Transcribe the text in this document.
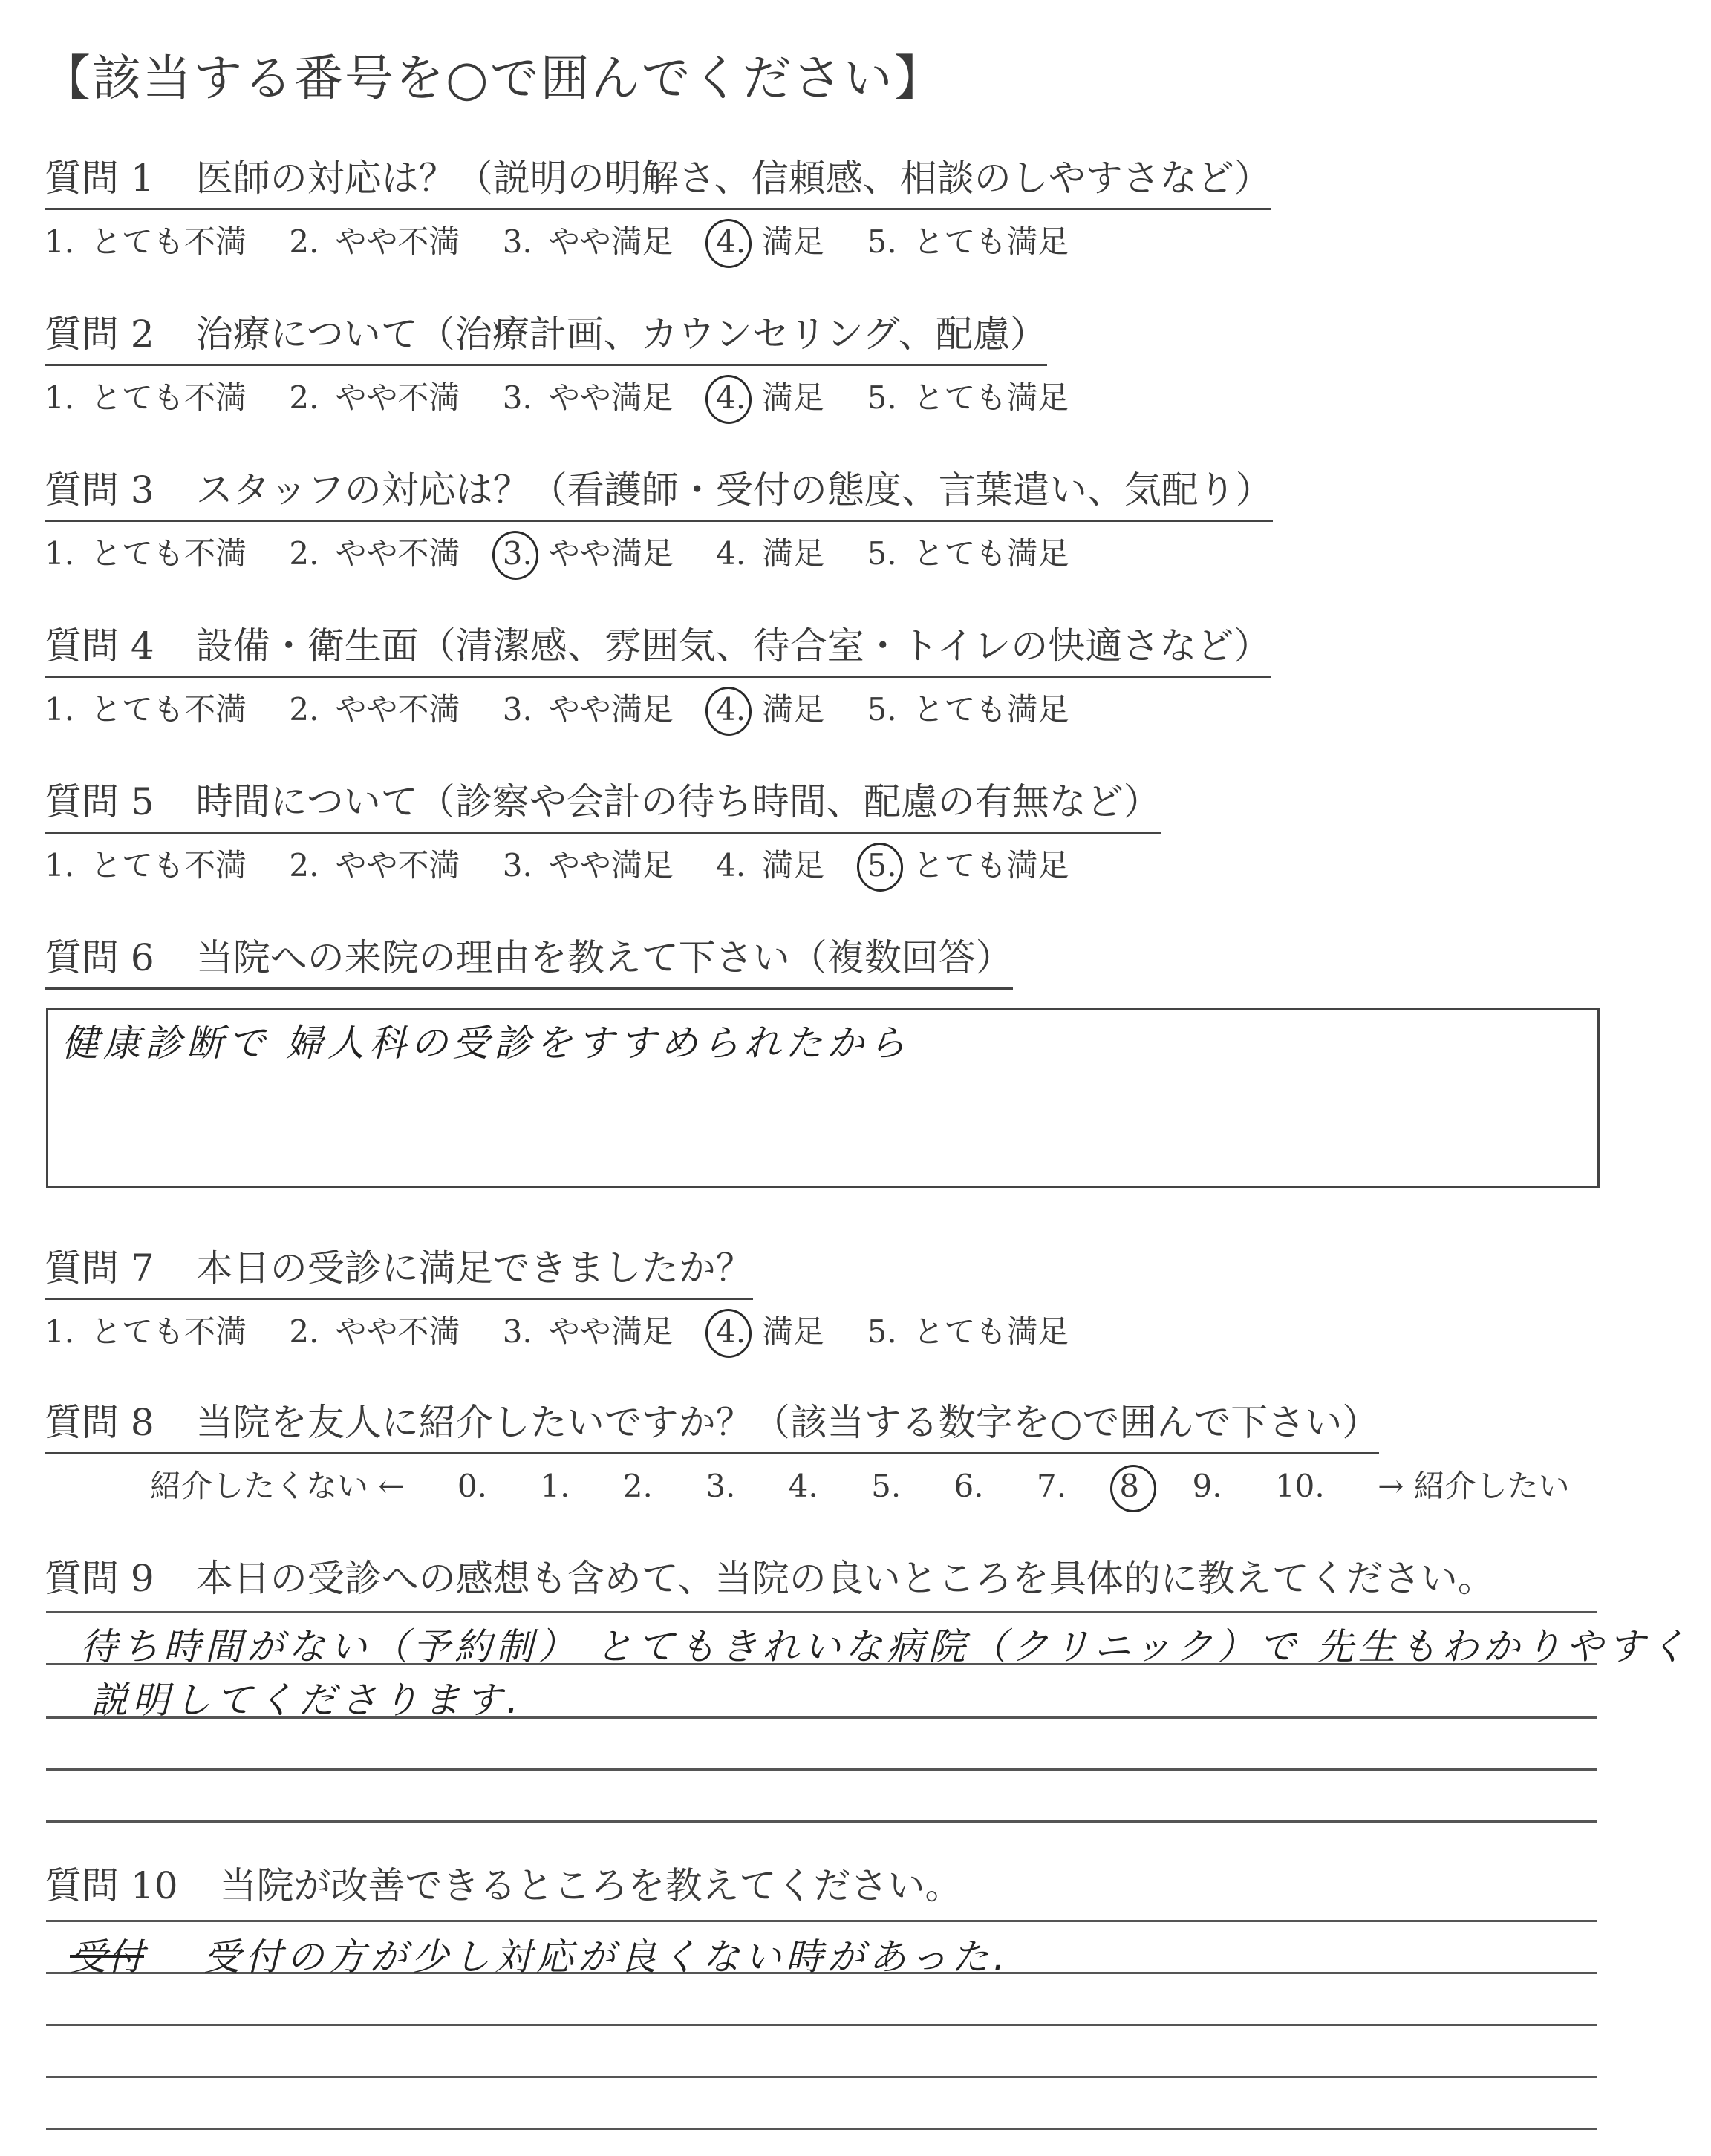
【該当する番号を○で囲んでください】
質問 1 医師の対応は？（説明の明解さ、信頼感、相談のしやすさなど）
1. とても不満 2. やや不満 3. やや満足 4. 満足 5. とても満足
質問 2 治療について（治療計画、カウンセリング、配慮）
1. とても不満 2. やや不満 3. やや満足 4. 満足 5. とても満足
質問 3 スタッフの対応は？（看護師・受付の態度、言葉遣い、気配り）
1. とても不満 2. やや不満 3. やや満足 4. 満足 5. とても満足
質問 4 設備・衛生面（清潔感、雰囲気、待合室・トイレの快適さなど）
1. とても不満 2. やや不満 3. やや満足 4. 満足 5. とても満足
質問 5 時間について（診察や会計の待ち時間、配慮の有無など）
1. とても不満 2. やや不満 3. やや満足 4. 満足 5. とても満足
質問 6 当院への来院の理由を教えて下さい（複数回答）
健康診断で 婦人科の受診をすすめられたから
質問 7 本日の受診に満足できましたか？
1. とても不満 2. やや不満 3. やや満足 4. 満足 5. とても満足
質問 8 当院を友人に紹介したいですか？（該当する数字を○で囲んで下さい）
紹介したくない ← 0. 1. 2. 3. 4. 5. 6. 7. 8 9. 10. → 紹介したい
質問 9 本日の受診への感想も含めて、当院の良いところを具体的に教えてください。
待ち時間がない（予約制） とてもきれいな病院（クリニック）で 先生もわかりやすく
説明してくださります.
質問 10 当院が改善できるところを教えてください。
受付 受付の方が少し対応が良くない時があった.
